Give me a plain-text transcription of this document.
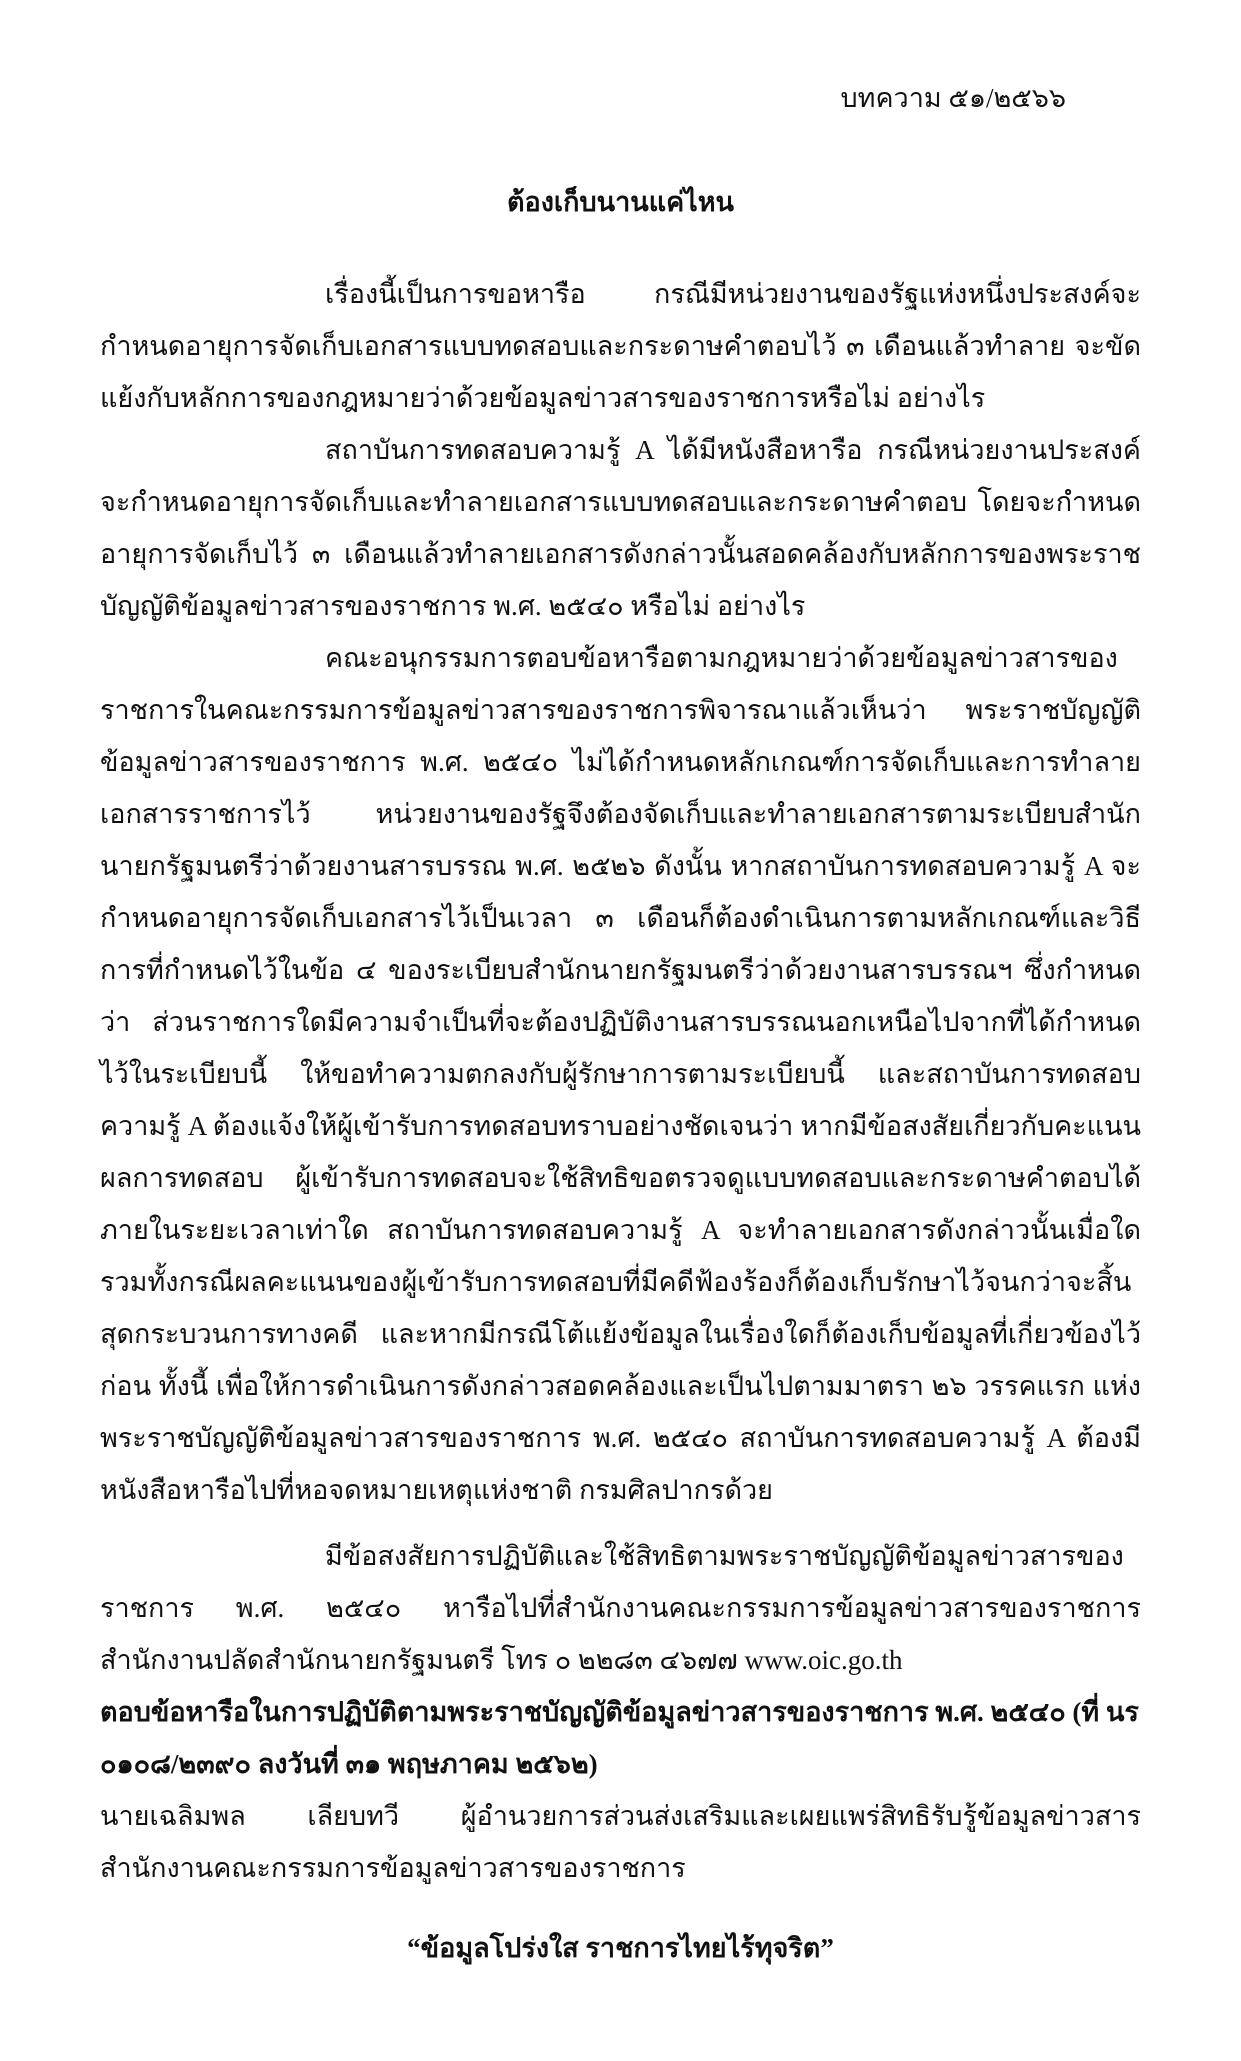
บทความ ๕๑/๒๕๖๖
ต้องเก็บนานแค่ไหน

เรื่องนี้เป็นการขอหารือ กรณีมีหน่วยงานของรัฐแห่งหนึ่งประสงค์จะกำหนดอายุการจัดเก็บเอกสารแบบทดสอบและกระดาษคำตอบไว้ ๓ เดือนแล้วทำลาย จะขัดแย้งกับหลักการของกฎหมายว่าด้วยข้อมูลข่าวสารของราชการหรือไม่ อย่างไร

สถาบันการทดสอบความรู้ A ได้มีหนังสือหารือ กรณีหน่วยงานประสงค์จะกำหนดอายุการจัดเก็บและทำลายเอกสารแบบทดสอบและกระดาษคำตอบ โดยจะกำหนดอายุการจัดเก็บไว้ ๓ เดือนแล้วทำลายเอกสารดังกล่าวนั้นสอดคล้องกับหลักการของพระราชบัญญัติข้อมูลข่าวสารของราชการ พ.ศ. ๒๕๔๐ หรือไม่ อย่างไร

คณะอนุกรรมการตอบข้อหารือตามกฎหมายว่าด้วยข้อมูลข่าวสารของราชการในคณะกรรมการข้อมูลข่าวสารของราชการพิจารณาแล้วเห็นว่า พระราชบัญญัติข้อมูลข่าวสารของราชการ พ.ศ. ๒๕๔๐ ไม่ได้กำหนดหลักเกณฑ์การจัดเก็บและการทำลายเอกสารราชการไว้ หน่วยงานของรัฐจึงต้องจัดเก็บและทำลายเอกสารตามระเบียบสำนักนายกรัฐมนตรีว่าด้วยงานสารบรรณ พ.ศ. ๒๕๒๖ ดังนั้น หากสถาบันการทดสอบความรู้ A จะกำหนดอายุการจัดเก็บเอกสารไว้เป็นเวลา ๓ เดือนก็ต้องดำเนินการตามหลักเกณฑ์และวิธีการที่กำหนดไว้ในข้อ ๔ ของระเบียบสำนักนายกรัฐมนตรีว่าด้วยงานสารบรรณฯ ซึ่งกำหนดว่า ส่วนราชการใดมีความจำเป็นที่จะต้องปฏิบัติงานสารบรรณนอกเหนือไปจากที่ได้กำหนดไว้ในระเบียบนี้ ให้ขอทำความตกลงกับผู้รักษาการตามระเบียบนี้ และสถาบันการทดสอบความรู้ A ต้องแจ้งให้ผู้เข้ารับการทดสอบทราบอย่างชัดเจนว่า หากมีข้อสงสัยเกี่ยวกับคะแนนผลการทดสอบ ผู้เข้ารับการทดสอบจะใช้สิทธิขอตรวจดูแบบทดสอบและกระดาษคำตอบได้ภายในระยะเวลาเท่าใด สถาบันการทดสอบความรู้ A จะทำลายเอกสารดังกล่าวนั้นเมื่อใด รวมทั้งกรณีผลคะแนนของผู้เข้ารับการทดสอบที่มีคดีฟ้องร้องก็ต้องเก็บรักษาไว้จนกว่าจะสิ้นสุดกระบวนการทางคดี และหากมีกรณีโต้แย้งข้อมูลในเรื่องใดก็ต้องเก็บข้อมูลที่เกี่ยวข้องไว้ก่อน ทั้งนี้ เพื่อให้การดำเนินการดังกล่าวสอดคล้องและเป็นไปตามมาตรา ๒๖ วรรคแรก แห่งพระราชบัญญัติข้อมูลข่าวสารของราชการ พ.ศ. ๒๕๔๐ สถาบันการทดสอบความรู้ A ต้องมีหนังสือหารือไปที่หอจดหมายเหตุแห่งชาติ กรมศิลปากรด้วย

มีข้อสงสัยการปฏิบัติและใช้สิทธิตามพระราชบัญญัติข้อมูลข่าวสารของราชการ พ.ศ. ๒๕๔๐ หารือไปที่สำนักงานคณะกรรมการข้อมูลข่าวสารของราชการ สำนักงานปลัดสำนักนายกรัฐมนตรี โทร ๐ ๒๒๘๓ ๔๖๗๗ www.oic.go.th

ตอบข้อหารือในการปฏิบัติตามพระราชบัญญัติข้อมูลข่าวสารของราชการ พ.ศ. ๒๕๔๐ (ที่ นร ๐๑๐๘/๒๓๙๐ ลงวันที่ ๓๑ พฤษภาคม ๒๕๖๒)

นายเฉลิมพล เลียบทวี ผู้อำนวยการส่วนส่งเสริมและเผยแพร่สิทธิรับรู้ข้อมูลข่าวสาร สำนักงานคณะกรรมการข้อมูลข่าวสารของราชการ

“ข้อมูลโปร่งใส ราชการไทยไร้ทุจริต”
